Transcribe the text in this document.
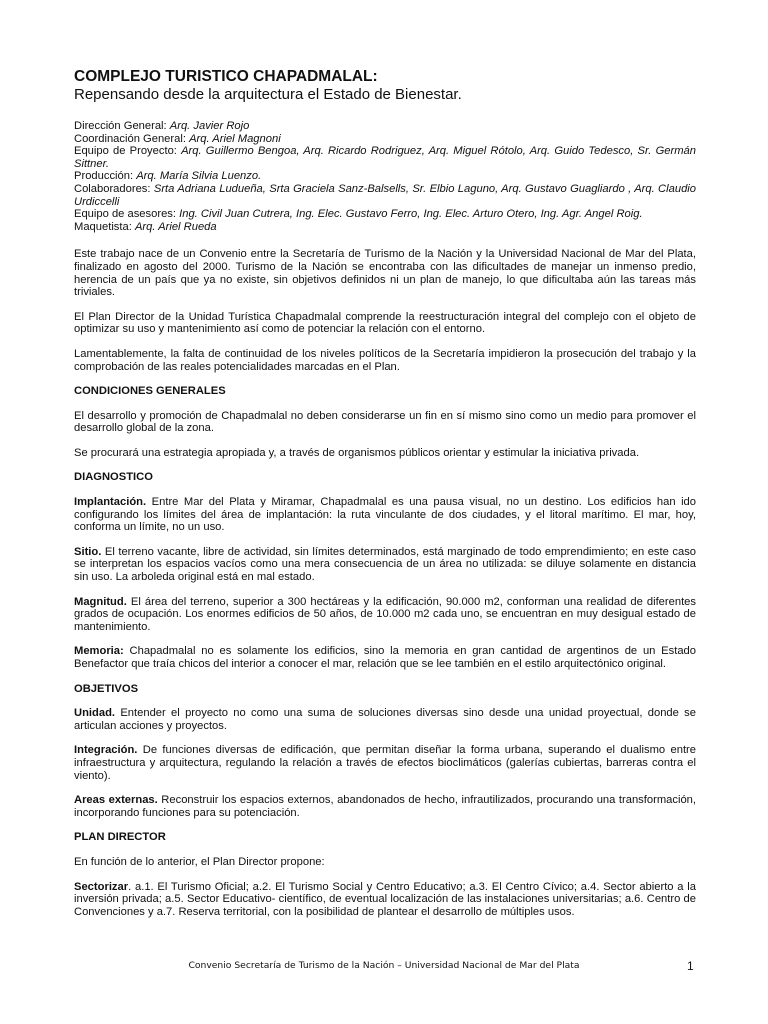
COMPLEJO TURISTICO CHAPADMALAL:
Repensando desde la arquitectura el Estado de Bienestar.
Dirección General: Arq. Javier Rojo
Coordinación General: Arq. Ariel Magnoni
Equipo de Proyecto: Arq. Guillermo Bengoa, Arq. Ricardo Rodriguez, Arq. Miguel Rótolo, Arq. Guido Tedesco, Sr. Germán Sittner.
Producción: Arq. María Silvia Luenzo.
Colaboradores: Srta Adriana Ludueña, Srta Graciela Sanz-Balsells, Sr. Elbio Laguno, Arq. Gustavo Guagliardo , Arq. Claudio Urdiccelli
Equipo de asesores: Ing. Civil Juan Cutrera, Ing. Elec. Gustavo Ferro, Ing. Elec. Arturo Otero, Ing. Agr. Angel Roig.
Maquetista: Arq. Ariel Rueda

Este trabajo nace de un Convenio entre la Secretaría de Turismo de la Nación y la Universidad Nacional de Mar del Plata, finalizado en agosto del 2000. Turismo de la Nación se encontraba con las dificultades de manejar un inmenso predio, herencia de un país que ya no existe, sin objetivos definidos ni un plan de manejo, lo que dificultaba aún las tareas más triviales.

El Plan Director de la Unidad Turística Chapadmalal comprende la reestructuración integral del complejo con el objeto de optimizar su uso y mantenimiento así como de potenciar la relación con el entorno.

Lamentablemente, la falta de continuidad de los niveles políticos de la Secretaría impidieron la prosecución del trabajo y la comprobación de las reales potencialidades marcadas en el Plan.

CONDICIONES GENERALES

El desarrollo y promoción de Chapadmalal no deben considerarse un fin en sí mismo sino como un medio para promover el desarrollo global de la zona.

Se procurará una estrategia apropiada y, a través de organismos públicos orientar y estimular la iniciativa privada.

DIAGNOSTICO

Implantación. Entre Mar del Plata y Miramar, Chapadmalal es una pausa visual, no un destino. Los edificios han ido configurando los límites del área de implantación: la ruta vinculante de dos ciudades, y el litoral marítimo. El mar, hoy, conforma un límite, no un uso.

Sitio. El terreno vacante, libre de actividad, sin límites determinados, está marginado de todo emprendimiento; en este caso se interpretan los espacios vacíos como una mera consecuencia de un área no utilizada: se diluye solamente en distancia sin uso. La arboleda original está en mal estado.

Magnitud. El área del terreno, superior a 300 hectáreas y la edificación, 90.000 m2, conforman una realidad de diferentes grados de ocupación. Los enormes edificios de 50 años, de 10.000 m2 cada uno, se encuentran en muy desigual estado de mantenimiento.

Memoria: Chapadmalal no es solamente los edificios, sino la memoria en gran cantidad de argentinos de un Estado Benefactor que traía chicos del interior a conocer el mar, relación que se lee también en el estilo arquitectónico original.

OBJETIVOS

Unidad. Entender el proyecto no como una suma de soluciones diversas sino desde una unidad proyectual, donde se articulan acciones y proyectos.

Integración. De funciones diversas de edificación, que permitan diseñar la forma urbana, superando el dualismo entre infraestructura y arquitectura, regulando la relación a través de efectos bioclimáticos (galerías cubiertas, barreras contra el viento).

Areas externas. Reconstruir los espacios externos, abandonados de hecho, infrautilizados, procurando una transformación, incorporando funciones para su potenciación.

PLAN DIRECTOR

En función de lo anterior, el Plan Director propone:

Sectorizar. a.1. El Turismo Oficial; a.2. El Turismo Social y Centro Educativo; a.3. El Centro Cívico; a.4. Sector abierto a la inversión privada; a.5. Sector Educativo- científico, de eventual localización de las instalaciones universitarias; a.6. Centro de Convenciones y a.7. Reserva territorial, con la posibilidad de plantear el desarrollo de múltiples usos.

Convenio Secretaría de Turismo de la Nación – Universidad Nacional de Mar del Plata	1
